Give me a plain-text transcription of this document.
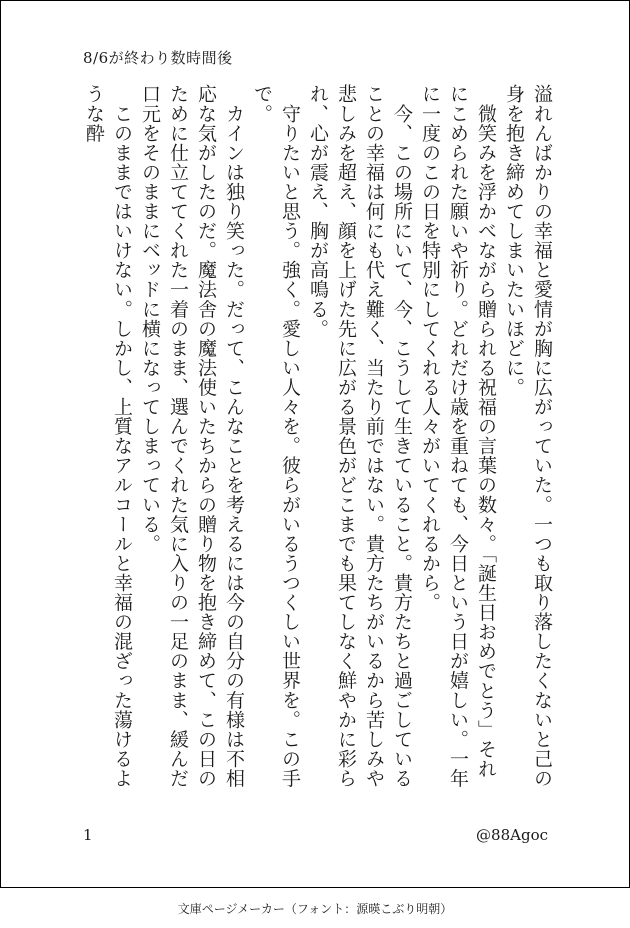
8/6が終わり数時間後

溢れんばかりの幸福と愛情が胸に広がっていた。一つも取り落したくないと己の身を抱き締めてしまいたいほどに。

　微笑みを浮かべながら贈られる祝福の言葉の数々。「誕生日おめでとう」それにこめられた願いや祈り。どれだけ歳を重ねても、今日という日が嬉しい。一年に一度のこの日を特別にしてくれる人々がいてくれるから。

　今、この場所にいて、今、こうして生きていること。貴方たちと過ごしていることの幸福は何にも代え難く、当たり前ではない。貴方たちがいるから苦しみや悲しみを超え、顔を上げた先に広がる景色がどこまでも果てしなく鮮やかに彩られ、心が震え、胸が高鳴る。

　守りたいと思う。強く。愛しい人々を。彼らがいるうつくしい世界を。この手で。

　カインは独り笑った。だって、こんなことを考えるには今の自分の有様は不相応な気がしたのだ。魔法舎の魔法使いたちからの贈り物を抱き締めて、この日のために仕立ててくれた一着のまま、選んでくれた気に入りの一足のまま、緩んだ口元をそのままにベッドに横になってしまっている。

　このままではいけない。しかし、上質なアルコールと幸福の混ざった蕩けるような酔

1	@88Agoc
文庫ページメーカー（フォント：源暎こぶり明朝）
